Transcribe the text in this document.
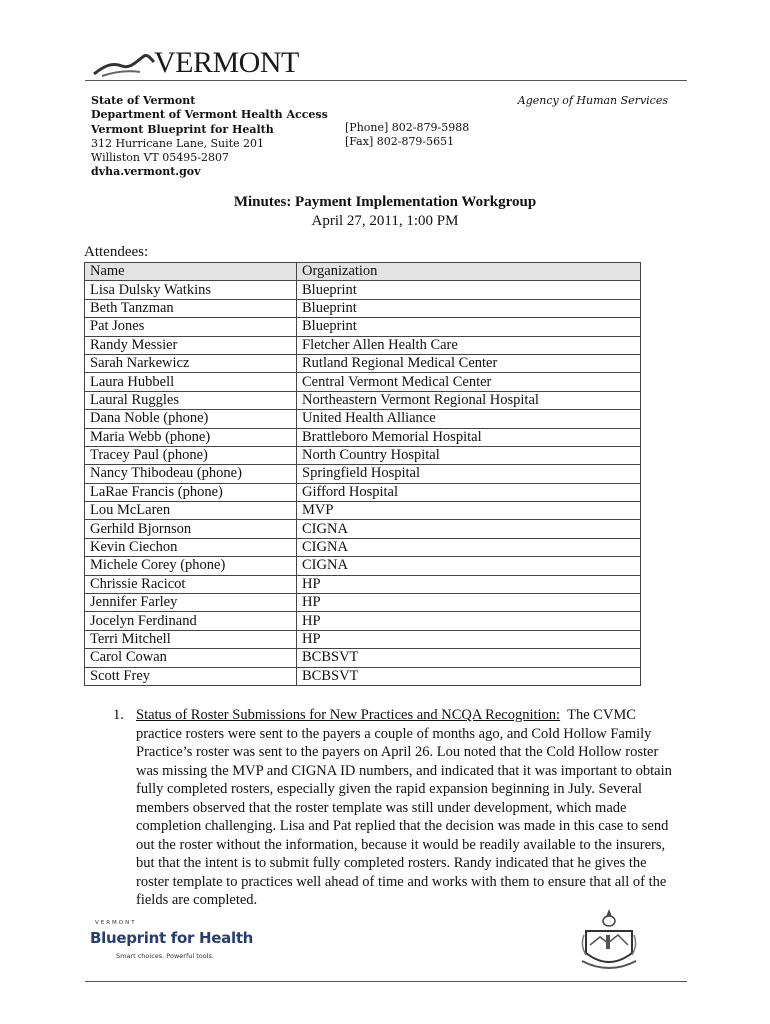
VERMONT
State of Vermont
Department of Vermont Health Access
Vermont Blueprint for Health
312 Hurricane Lane, Suite 201
Williston VT 05495-2807
dvha.vermont.gov
[Phone] 802-879-5988
[Fax] 802-879-5651
Agency of Human Services
Minutes: Payment Implementation Workgroup
April 27, 2011, 1:00 PM
Attendees:
Name	Organization
Lisa Dulsky Watkins	Blueprint
Beth Tanzman	Blueprint
Pat Jones	Blueprint
Randy Messier	Fletcher Allen Health Care
Sarah Narkewicz	Rutland Regional Medical Center
Laura Hubbell	Central Vermont Medical Center
Laural Ruggles	Northeastern Vermont Regional Hospital
Dana Noble (phone)	United Health Alliance
Maria Webb (phone)	Brattleboro Memorial Hospital
Tracey Paul (phone)	North Country Hospital
Nancy Thibodeau (phone)	Springfield Hospital
LaRae Francis (phone)	Gifford Hospital
Lou McLaren	MVP
Gerhild Bjornson	CIGNA
Kevin Ciechon	CIGNA
Michele Corey (phone)	CIGNA
Chrissie Racicot	HP
Jennifer Farley	HP
Jocelyn Ferdinand	HP
Terri Mitchell	HP
Carol Cowan	BCBSVT
Scott Frey	BCBSVT
1. Status of Roster Submissions for New Practices and NCQA Recognition: The CVMC practice rosters were sent to the payers a couple of months ago, and Cold Hollow Family Practice’s roster was sent to the payers on April 26. Lou noted that the Cold Hollow roster was missing the MVP and CIGNA ID numbers, and indicated that it was important to obtain fully completed rosters, especially given the rapid expansion beginning in July. Several members observed that the roster template was still under development, which made completion challenging. Lisa and Pat replied that the decision was made in this case to send out the roster without the information, because it would be readily available to the insurers, but that the intent is to submit fully completed rosters. Randy indicated that he gives the roster template to practices well ahead of time and works with them to ensure that all of the fields are completed.
VERMONT
Blueprint for Health
Smart choices. Powerful tools.
